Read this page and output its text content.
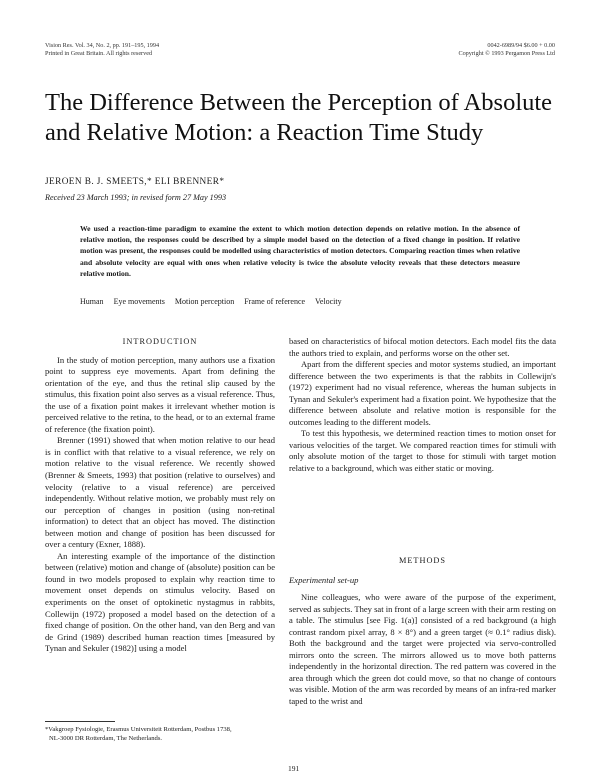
Vision Res. Vol. 34, No. 2, pp. 191–195, 1994
Printed in Great Britain. All rights reserved
0042-6989/94 $6.00 + 0.00
Copyright © 1993 Pergamon Press Ltd
The Difference Between the Perception of Absolute and Relative Motion: a Reaction Time Study
JEROEN B. J. SMEETS,* ELI BRENNER*
Received 23 March 1993; in revised form 27 May 1993
We used a reaction-time paradigm to examine the extent to which motion detection depends on relative motion. In the absence of relative motion, the responses could be described by a simple model based on the detection of a fixed change in position. If relative motion was present, the responses could be modelled using characteristics of motion detectors. Comparing reaction times when relative and absolute velocity are equal with ones when relative velocity is twice the absolute velocity reveals that these detectors measure relative motion.
Human Eye movements Motion perception Frame of reference Velocity
INTRODUCTION

In the study of motion perception, many authors use a fixation point to suppress eye movements. Apart from defining the orientation of the eye, and thus the retinal slip caused by the stimulus, this fixation point also serves as a visual reference. Thus, the use of a fixation point makes it irrelevant whether motion is perceived relative to the retina, to the head, or to an external frame of reference (the fixation point).

Brenner (1991) showed that when motion relative to our head is in conflict with that relative to a visual reference, we rely on motion relative to the visual reference. We recently showed (Brenner & Smeets, 1993) that position (relative to ourselves) and velocity (relative to a visual reference) are perceived independently. Without relative motion, we probably must rely on our perception of changes in position (using non-retinal information) to detect that an object has moved. The distinction between motion and change of position has been discussed for over a century (Exner, 1888).

An interesting example of the importance of the distinction between (relative) motion and change of (absolute) position can be found in two models proposed to explain why reaction time to movement onset depends on stimulus velocity. Based on experiments on the onset of optokinetic nystagmus in rabbits, Collewijn (1972) proposed a model based on the detection of a fixed change of position. On the other hand, van den Berg and van de Grind (1989) described human reaction times [measured by Tynan and Sekuler (1982)] using a model

*Vakgroep Fysiologie, Erasmus Universiteit Rotterdam, Postbus 1738,
NL-3000 DR Rotterdam, The Netherlands.

based on characteristics of bifocal motion detectors. Each model fits the data the authors tried to explain, and performs worse on the other set.

Apart from the different species and motor systems studied, an important difference between the two experiments is that the rabbits in Collewijn's (1972) experiment had no visual reference, whereas the human subjects in Tynan and Sekuler's experiment had a fixation point. We hypothesize that the difference between absolute and relative motion is responsible for the outcomes leading to the different models.

To test this hypothesis, we determined reaction times to motion onset for various velocities of the target. We compared reaction times for stimuli with only absolute motion of the target to those for stimuli with target motion relative to a background, which was either static or moving.

METHODS
Experimental set-up

Nine colleagues, who were aware of the purpose of the experiment, served as subjects. They sat in front of a large screen with their arm resting on a table. The stimulus [see Fig. 1(a)] consisted of a red background (a high contrast random pixel array, 8 × 8°) and a green target (≈ 0.1° radius disk). Both the background and the target were projected via servo-controlled mirrors onto the screen. The mirrors allowed us to move both patterns independently in the horizontal direction. The red pattern was covered in the area through which the green dot could move, so that no change of contours was visible. Motion of the arm was recorded by means of an infra-red marker taped to the wrist and

191
